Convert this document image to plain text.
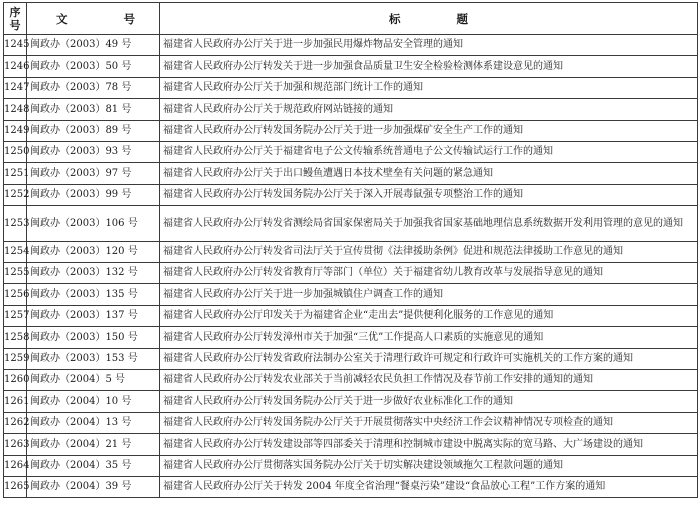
序
号	文 号	标 题
1245	闽政办（2003）49 号	福建省人民政府办公厅关于进一步加强民用爆炸物品安全管理的通知
1246	闽政办（2003）50 号	福建省人民政府办公厅转发关于进一步加强食品质量卫生安全检验检测体系建设意见的通知
1247	闽政办（2003）78 号	福建省人民政府办公厅关于加强和规范部门统计工作的通知
1248	闽政办（2003）81 号	福建省人民政府办公厅关于规范政府网站链接的通知
1249	闽政办（2003）89 号	福建省人民政府办公厅转发国务院办公厅关于进一步加强煤矿安全生产工作的通知
1250	闽政办（2003）93 号	福建省人民政府办公厅关于福建省电子公文传输系统普通电子公文传输试运行工作的通知
1251	闽政办（2003）97 号	福建省人民政府办公厅关于出口鳗鱼遭遇日本技术壁垒有关问题的紧急通知
1252	闽政办（2003）99 号	福建省人民政府办公厅转发国务院办公厅关于深入开展毒鼠强专项整治工作的通知
1253	闽政办（2003）106 号	福建省人民政府办公厅转发省测绘局省国家保密局关于加强我省国家基础地理信息系统数据开发利用管理的意见的通知
1254	闽政办（2003）120 号	福建省人民政府办公厅转发省司法厅关于宣传贯彻《法律援助条例》促进和规范法律援助工作意见的通知
1255	闽政办（2003）132 号	福建省人民政府办公厅转发省教育厅等部门（单位）关于福建省幼儿教育改革与发展指导意见的通知
1256	闽政办（2003）135 号	福建省人民政府办公厅关于进一步加强城镇住户调查工作的通知
1257	闽政办（2003）137 号	福建省人民政府办公厅印发关于为福建省企业“走出去”提供便利化服务的工作意见的通知
1258	闽政办（2003）150 号	福建省人民政府办公厅转发漳州市关于加强“三优”工作提高人口素质的实施意见的通知
1259	闽政办（2003）153 号	福建省人民政府办公厅转发省政府法制办公室关于清理行政许可规定和行政许可实施机关的工作方案的通知
1260	闽政办（2004）5 号	福建省人民政府办公厅转发农业部关于当前减轻农民负担工作情况及春节前工作安排的通知的通知
1261	闽政办（2004）10 号	福建省人民政府办公厅转发国务院办公厅关于进一步做好农业标准化工作的通知
1262	闽政办（2004）13 号	福建省人民政府办公厅转发国务院办公厅关于开展贯彻落实中央经济工作会议精神情况专项检查的通知
1263	闽政办（2004）21 号	福建省人民政府办公厅转发建设部等四部委关于清理和控制城市建设中脱离实际的宽马路、大广场建设的通知
1264	闽政办（2004）35 号	福建省人民政府办公厅贯彻落实国务院办公厅关于切实解决建设领域拖欠工程款问题的通知
1265	闽政办（2004）39 号	福建省人民政府办公厅关于转发 2004 年度全省治理“餐桌污染”建设“食品放心工程”工作方案的通知
